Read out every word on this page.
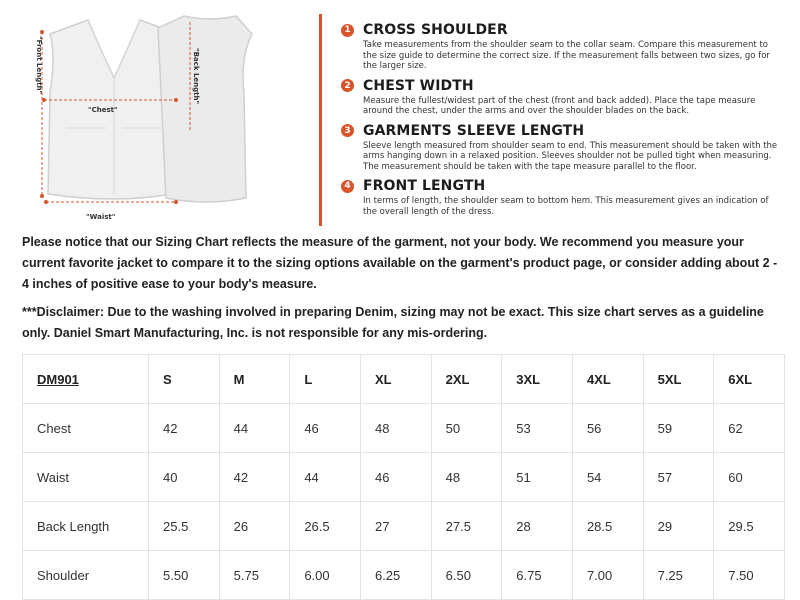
"Front Length"	"Back Length"
"Chest"
"Waist"
1 CROSS SHOULDER
Take measurements from the shoulder seam to the collar seam. Compare this measurement to the size guide to determine the correct size. If the measurement falls between two sizes, go for the larger size.
2 CHEST WIDTH
Measure the fullest/widest part of the chest (front and back added). Place the tape measure around the chest, under the arms and over the shoulder blades on the back.
3 GARMENTS SLEEVE LENGTH
Sleeve length measured from shoulder seam to end. This measurement should be taken with the arms hanging down in a relaxed position. Sleeves shoulder not be pulled tight when measuring. The measurement should be taken with the tape measure parallel to the floor.
4 FRONT LENGTH
In terms of length, the shoulder seam to bottom hem. This measurement gives an indication of the overall length of the dress.

Please notice that our Sizing Chart reflects the measure of the garment, not your body. We recommend you measure your current favorite jacket to compare it to the sizing options available on the garment's product page, or consider adding about 2 - 4 inches of positive ease to your body's measure.

***Disclaimer: Due to the washing involved in preparing Denim, sizing may not be exact. This size chart serves as a guideline only. Daniel Smart Manufacturing, Inc. is not responsible for any mis-ordering.

DM901	S	M	L	XL	2XL	3XL	4XL	5XL	6XL
Chest	42	44	46	48	50	53	56	59	62
Waist	40	42	44	46	48	51	54	57	60
Back Length	25.5	26	26.5	27	27.5	28	28.5	29	29.5
Shoulder	5.50	5.75	6.00	6.25	6.50	6.75	7.00	7.25	7.50
